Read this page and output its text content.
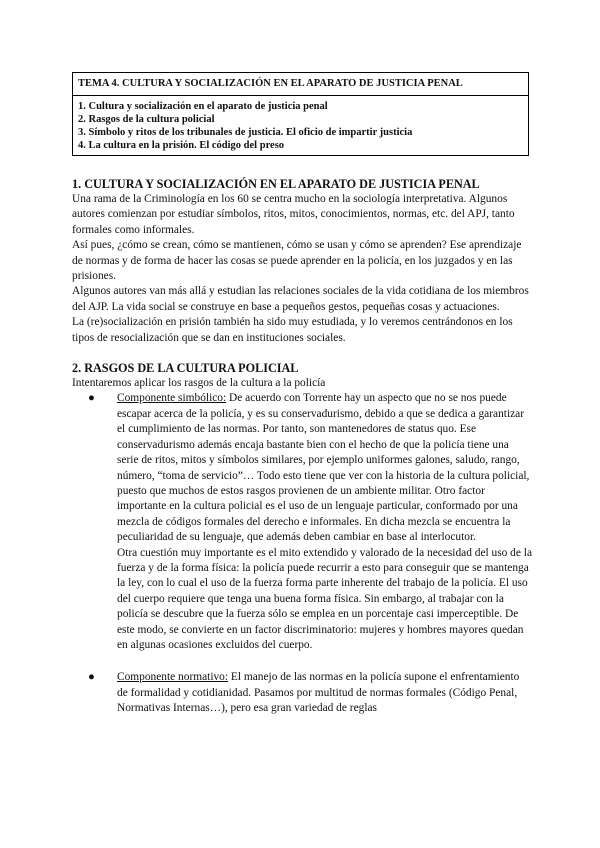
TEMA 4. CULTURA Y SOCIALIZACIÓN EN EL APARATO DE JUSTICIA PENAL
1. Cultura y socialización en el aparato de justicia penal
2. Rasgos de la cultura policial
3. Símbolo y ritos de los tribunales de justicia. El oficio de impartir justicia
4. La cultura en la prisión. El código del preso
1. CULTURA Y SOCIALIZACIÓN EN EL APARATO DE JUSTICIA PENAL

Una rama de la Criminología en los 60 se centra mucho en la sociología interpretativa. Algunos autores comienzan por estudiar símbolos, ritos, mitos, conocimientos, normas, etc. del APJ, tanto formales como informales.

Así pues, ¿cómo se crean, cómo se mantienen, cómo se usan y cómo se aprenden? Ese aprendizaje de normas y de forma de hacer las cosas se puede aprender en la policía, en los juzgados y en las prisiones.

Algunos autores van más allá y estudian las relaciones sociales de la vida cotidiana de los miembros del AJP. La vida social se construye en base a pequeños gestos, pequeñas cosas y actuaciones.

La (re)socialización en prisión también ha sido muy estudiada, y lo veremos centrándonos en los tipos de resocialización que se dan en instituciones sociales.

2. RASGOS DE LA CULTURA POLICIAL

Intentaremos aplicar los rasgos de la cultura a la policía

● Componente simbólico: De acuerdo con Torrente hay un aspecto que no se nos puede escapar acerca de la policía, y es su conservadurismo, debido a que se dedica a garantizar el cumplimiento de las normas. Por tanto, son mantenedores de status quo. Ese conservadurismo además encaja bastante bien con el hecho de que la policía tiene una serie de ritos, mitos y símbolos similares, por ejemplo uniformes galones, saludo, rango, número, “toma de servicio”… Todo esto tiene que ver con la historia de la cultura policial, puesto que muchos de estos rasgos provienen de un ambiente militar. Otro factor importante en la cultura policial es el uso de un lenguaje particular, conformado por una mezcla de códigos formales del derecho e informales. En dicha mezcla se encuentra la peculiaridad de su lenguaje, que además deben cambiar en base al interlocutor.

Otra cuestión muy importante es el mito extendido y valorado de la necesidad del uso de la fuerza y de la forma física: la policía puede recurrir a esto para conseguir que se mantenga la ley, con lo cual el uso de la fuerza forma parte inherente del trabajo de la policía. El uso del cuerpo requiere que tenga una buena forma física. Sin embargo, al trabajar con la policía se descubre que la fuerza sólo se emplea en un porcentaje casi imperceptible. De este modo, se convierte en un factor discriminatorio: mujeres y hombres mayores quedan en algunas ocasiones excluidos del cuerpo.

● Componente normativo: El manejo de las normas en la policía supone el enfrentamiento de formalidad y cotidianidad. Pasamos por multitud de normas formales (Código Penal, Normativas Internas…), pero esa gran variedad de reglas
